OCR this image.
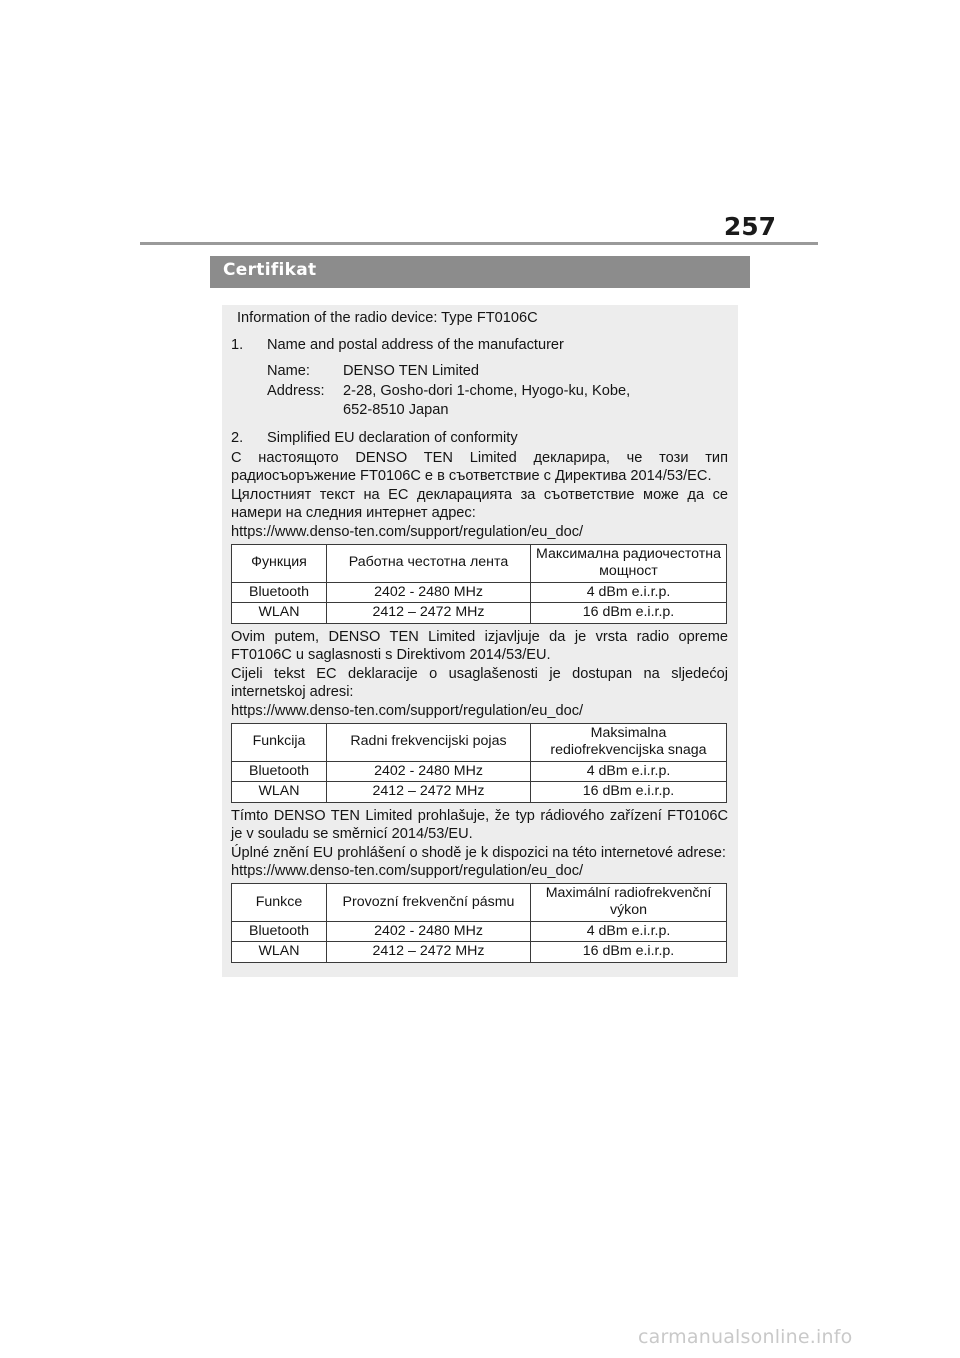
257
Certifikat

Information of the radio device: Type FT0106C

1.	Name and postal address of the manufacturer
Name:	DENSO TEN Limited
Address:	2-28, Gosho-dori 1-chome, Hyogo-ku, Kobe,
652-8510 Japan
2.	Simplified EU declaration of conformity

С настоящото DENSO TEN Limited декларира, че този тип радиосъоръжение FT0106C е в съответствие с Директива 2014/53/ЕС.

Цялостният текст на ЕС декларацията за съответствие може да се намери на следния интернет адрес:

https://www.denso-ten.com/support/regulation/eu_doc/

Функция	Работна честотна лента	Максимална радиочестотна мощност
Bluetooth	2402 - 2480 MHz	4 dBm e.i.r.p.
WLAN	2412 – 2472 MHz	16 dBm e.i.r.p.

Ovim putem, DENSO TEN Limited izjavljuje da je vrsta radio opreme FT0106C u saglasnosti s Direktivom 2014/53/EU.

Cijeli tekst EC deklaracije o usaglašenosti je dostupan na sljedećoj internetskoj adresi:

https://www.denso-ten.com/support/regulation/eu_doc/

Funkcija	Radni frekvencijski pojas	Maksimalna rediofrekvencijska snaga
Bluetooth	2402 - 2480 MHz	4 dBm e.i.r.p.
WLAN	2412 – 2472 MHz	16 dBm e.i.r.p.

Tímto DENSO TEN Limited prohlašuje, že typ rádiového zařízení FT0106C je v souladu se směrnicí 2014/53/EU.

Úplné znění EU prohlášení o shodě je k dispozici na této internetové adrese:

https://www.denso-ten.com/support/regulation/eu_doc/

Funkce	Provozní frekvenční pásmu	Maximální radiofrekvenční výkon
Bluetooth	2402 - 2480 MHz	4 dBm e.i.r.p.
WLAN	2412 – 2472 MHz	16 dBm e.i.r.p.
carmanualsonline.info
